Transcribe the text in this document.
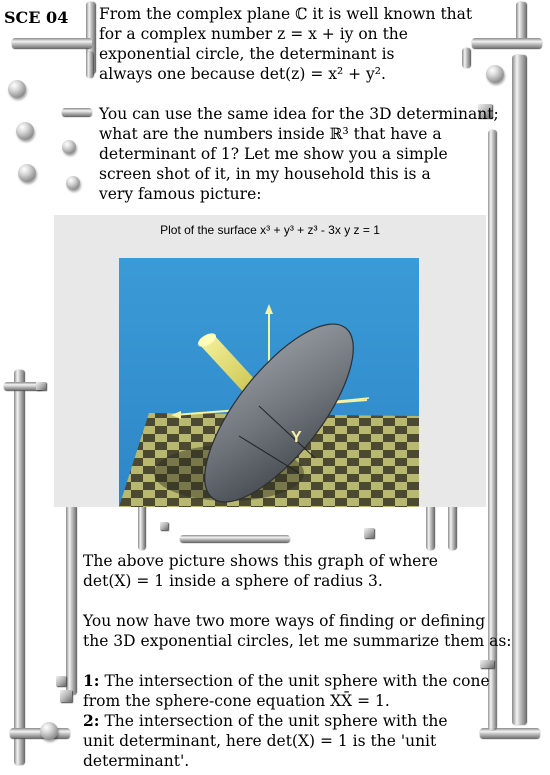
SCE 04 From the complex plane ℂ it is well known that
for a complex number z = x + iy on the
exponential circle, the determinant is
always one because det(z) = x² + y².
You can use the same idea for the 3D determinant;
what are the numbers inside ℝ³ that have a
determinant of 1? Let me show you a simple
screen shot of it, in my household this is a
very famous picture:
Plot of the surface x³ + y³ + z³ - 3x y z = 1
Y
The above picture shows this graph of where
det(X) = 1 inside a sphere of radius 3.
You now have two more ways of finding or defining
the 3D exponential circles, let me summarize them as:
1: The intersection of the unit sphere with the cone
from the sphere-cone equation XX̄ = 1.
2: The intersection of the unit sphere with the
unit determinant, here det(X) = 1 is the 'unit
determinant'.
